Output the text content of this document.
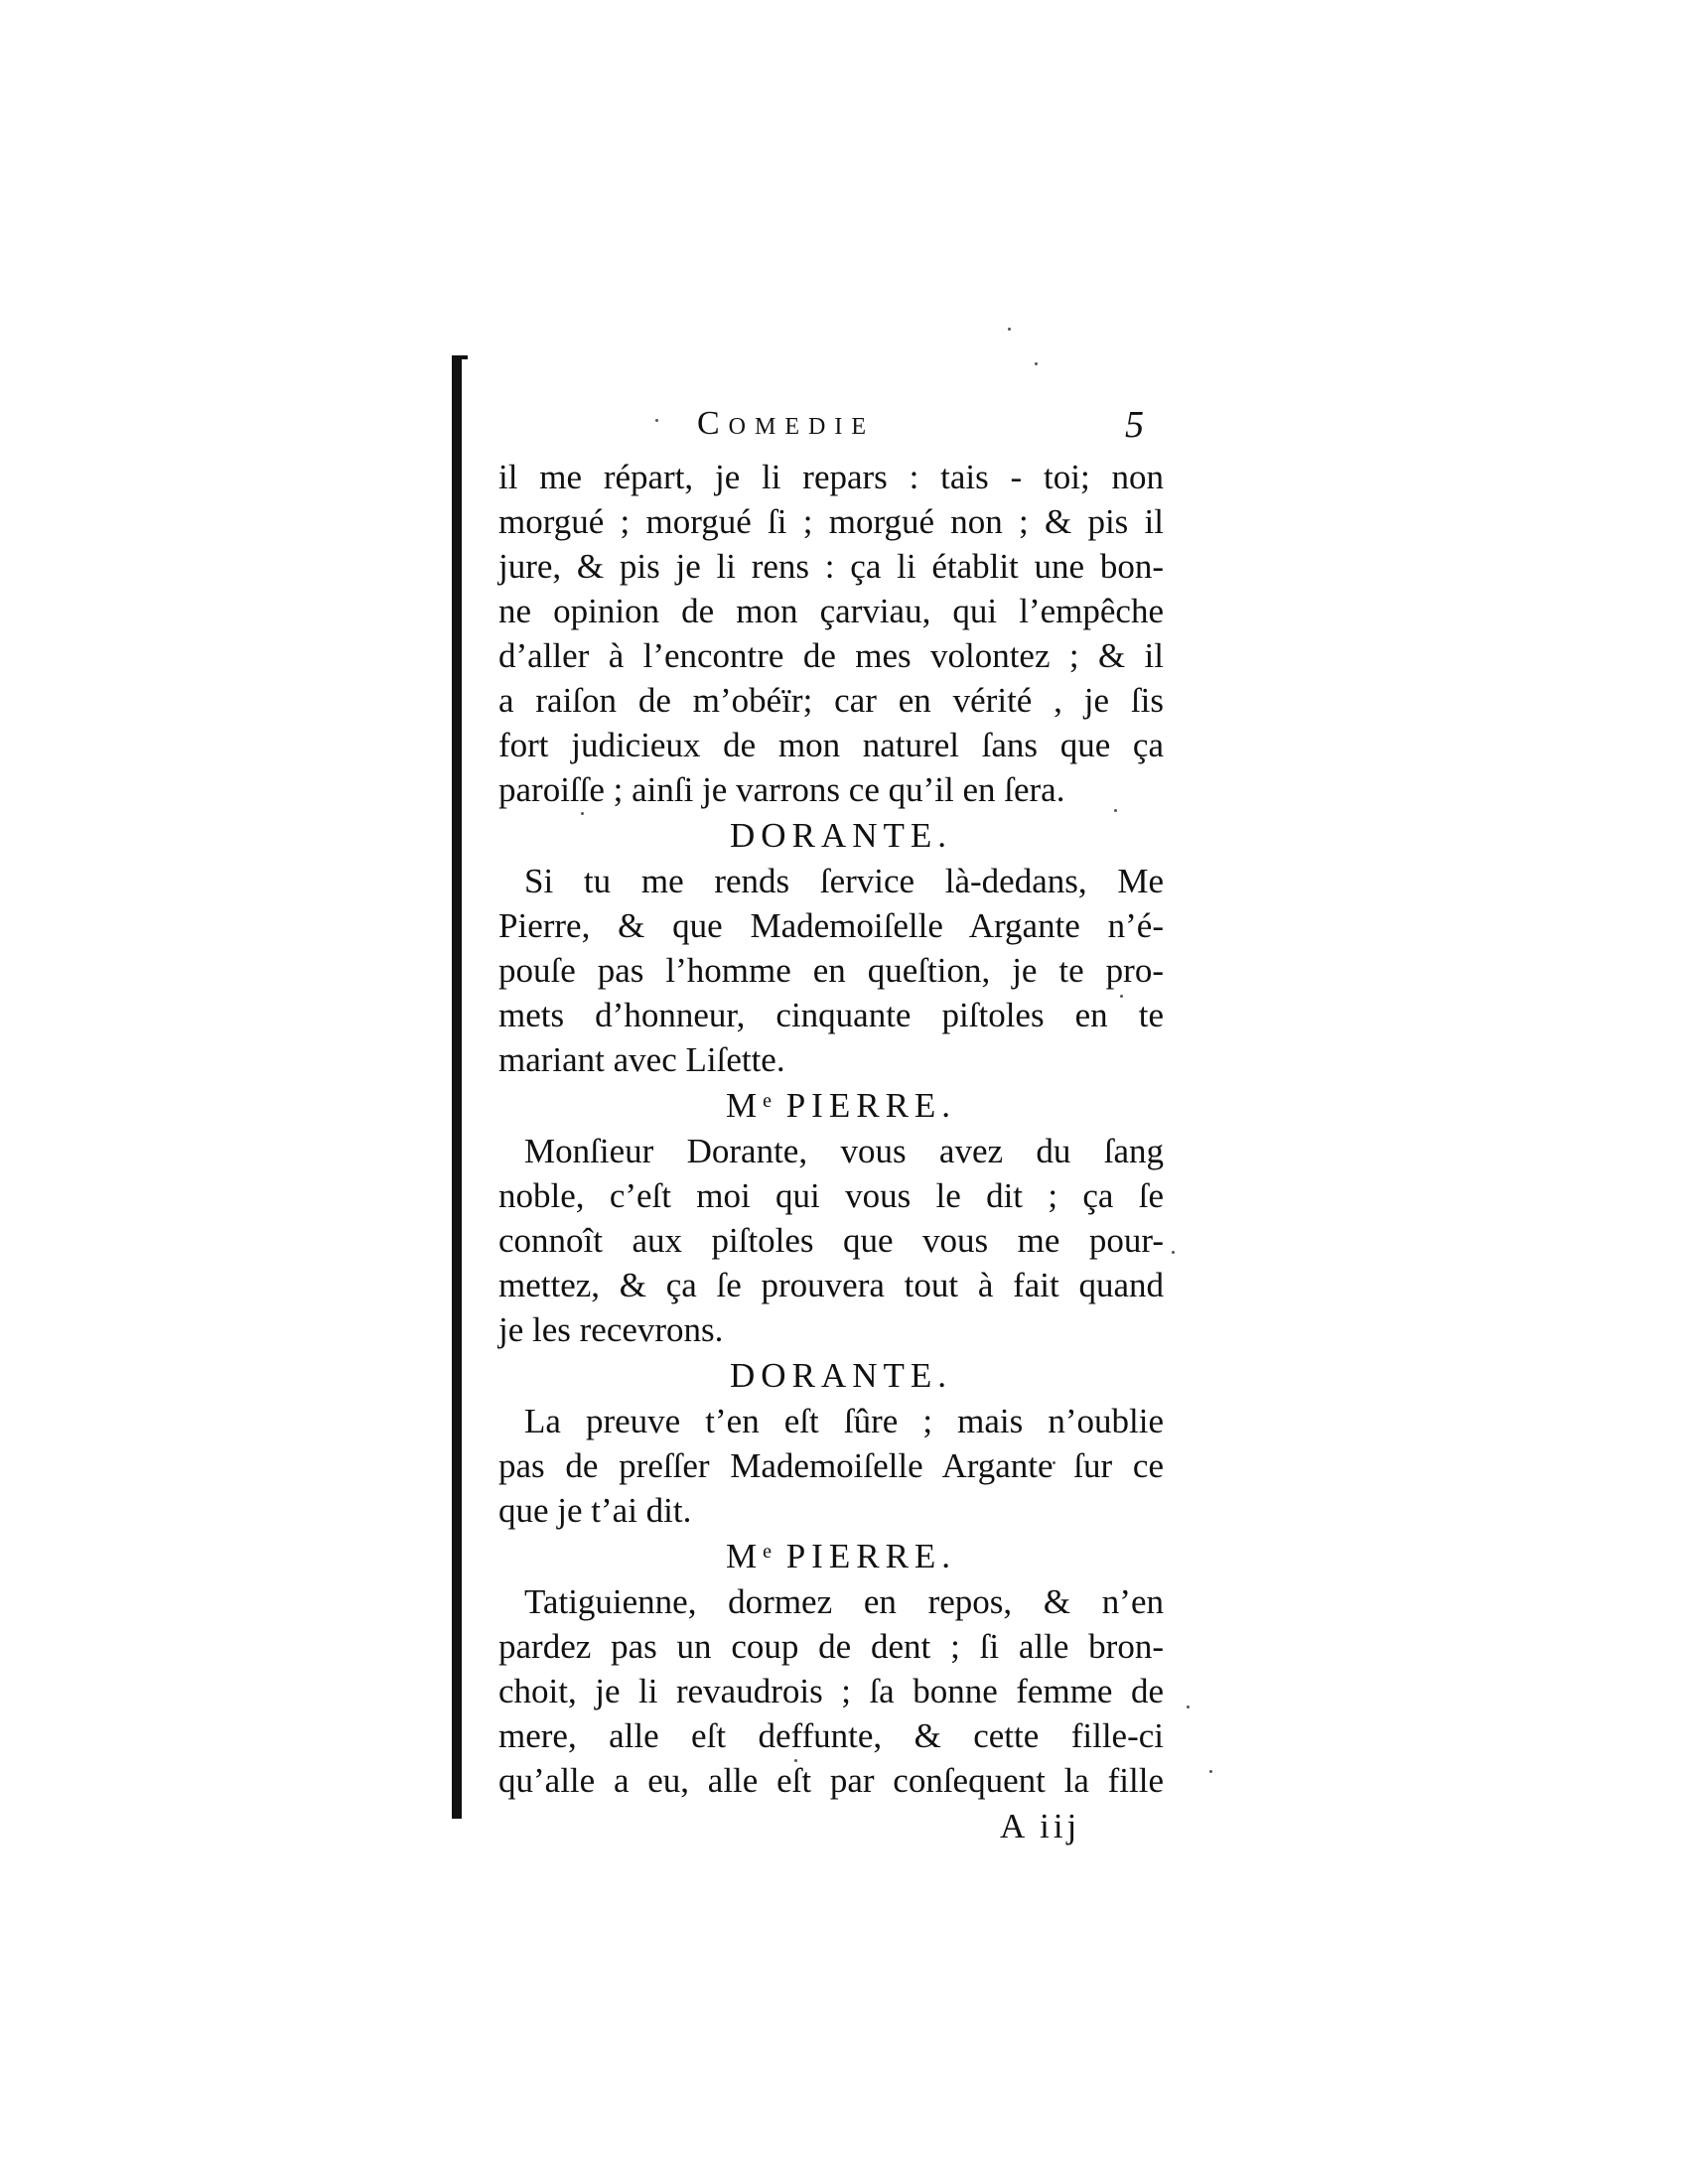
Comedie	5
il me répart, je li repars : tais - toi; non
morgué ; morgué ſi ; morgué non ; & pis il
jure, & pis je li rens : ça li établit une bon-
ne opinion de mon çarviau, qui l’empêche
d’aller à l’encontre de mes volontez ; & il
a raiſon de m’obéïr; car en vérité , je ſis
fort judicieux de mon naturel ſans que ça
paroiſſe ; ainſi je varrons ce qu’il en ſera.
DORANTE.
Si tu me rends ſervice là-dedans, Me
Pierre, & que Mademoiſelle Argante n’é-
pouſe pas l’homme en queſtion, je te pro-
mets d’honneur, cinquante piſtoles en te
mariant avec Liſette.
Me PIERRE.
Monſieur Dorante, vous avez du ſang
noble, c’eſt moi qui vous le dit ; ça ſe
connoît aux piſtoles que vous me pour-
mettez, & ça ſe prouvera tout à fait quand
je les recevrons.
DORANTE.
La preuve t’en eſt ſûre ; mais n’oublie
pas de preſſer Mademoiſelle Argante ſur ce
que je t’ai dit.
Me PIERRE.
Tatiguienne, dormez en repos, & n’en
pardez pas un coup de dent ; ſi alle bron-
choit, je li revaudrois ; ſa bonne femme de
mere, alle eſt deffunte, & cette fille-ci
qu’alle a eu, alle eſt par conſequent la fille
A iij
